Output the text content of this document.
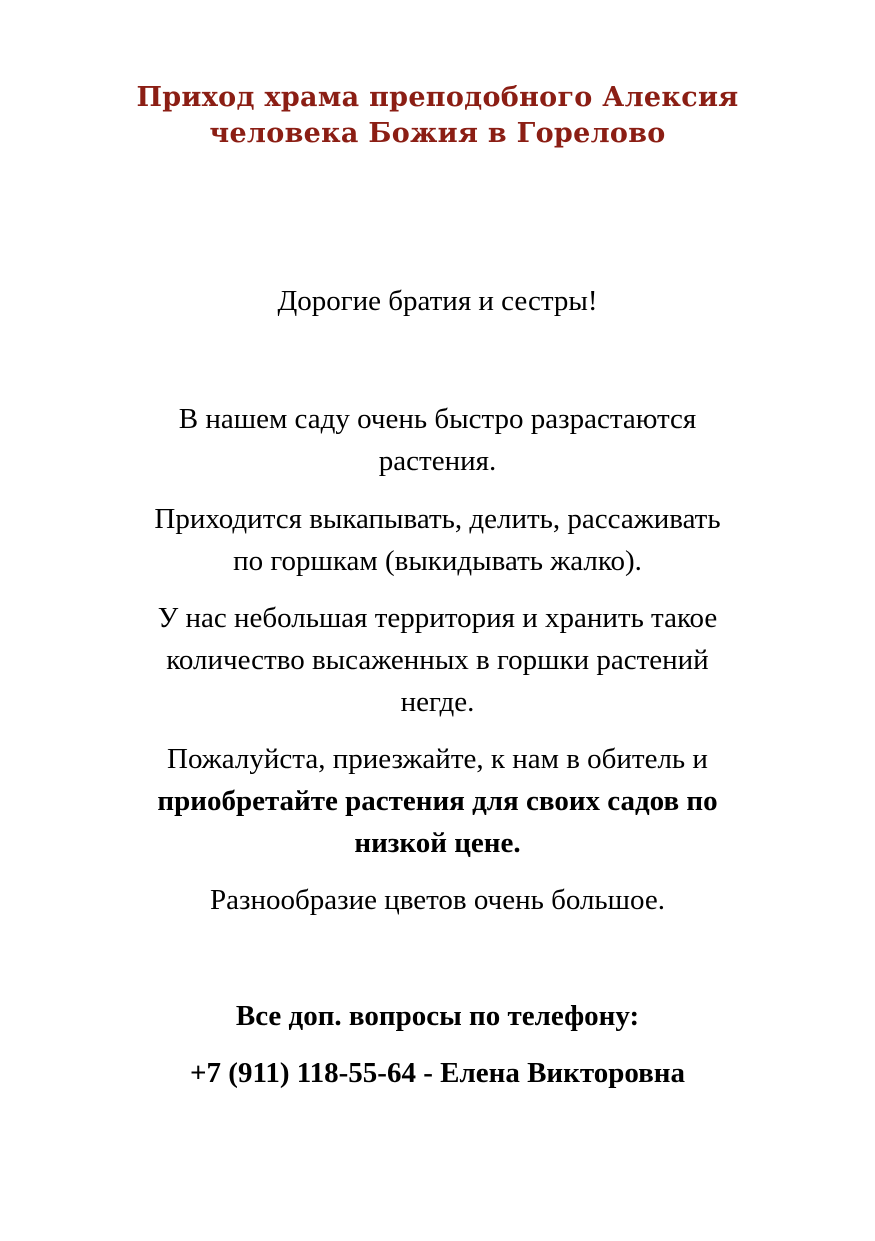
Приход храма преподобного Алексия
человека Божия в Горелово
Дорогие братия и сестры!
В нашем саду очень быстро разрастаются
растения.
Приходится выкапывать, делить, рассаживать
по горшкам (выкидывать жалко).
У нас небольшая территория и хранить такое
количество высаженных в горшки растений
негде.
Пожалуйста, приезжайте, к нам в обитель и
приобретайте растения для своих садов по
низкой цене.
Разнообразие цветов очень большое.
Все доп. вопросы по телефону:
+7 (911) 118-55-64 - Елена Викторовна
